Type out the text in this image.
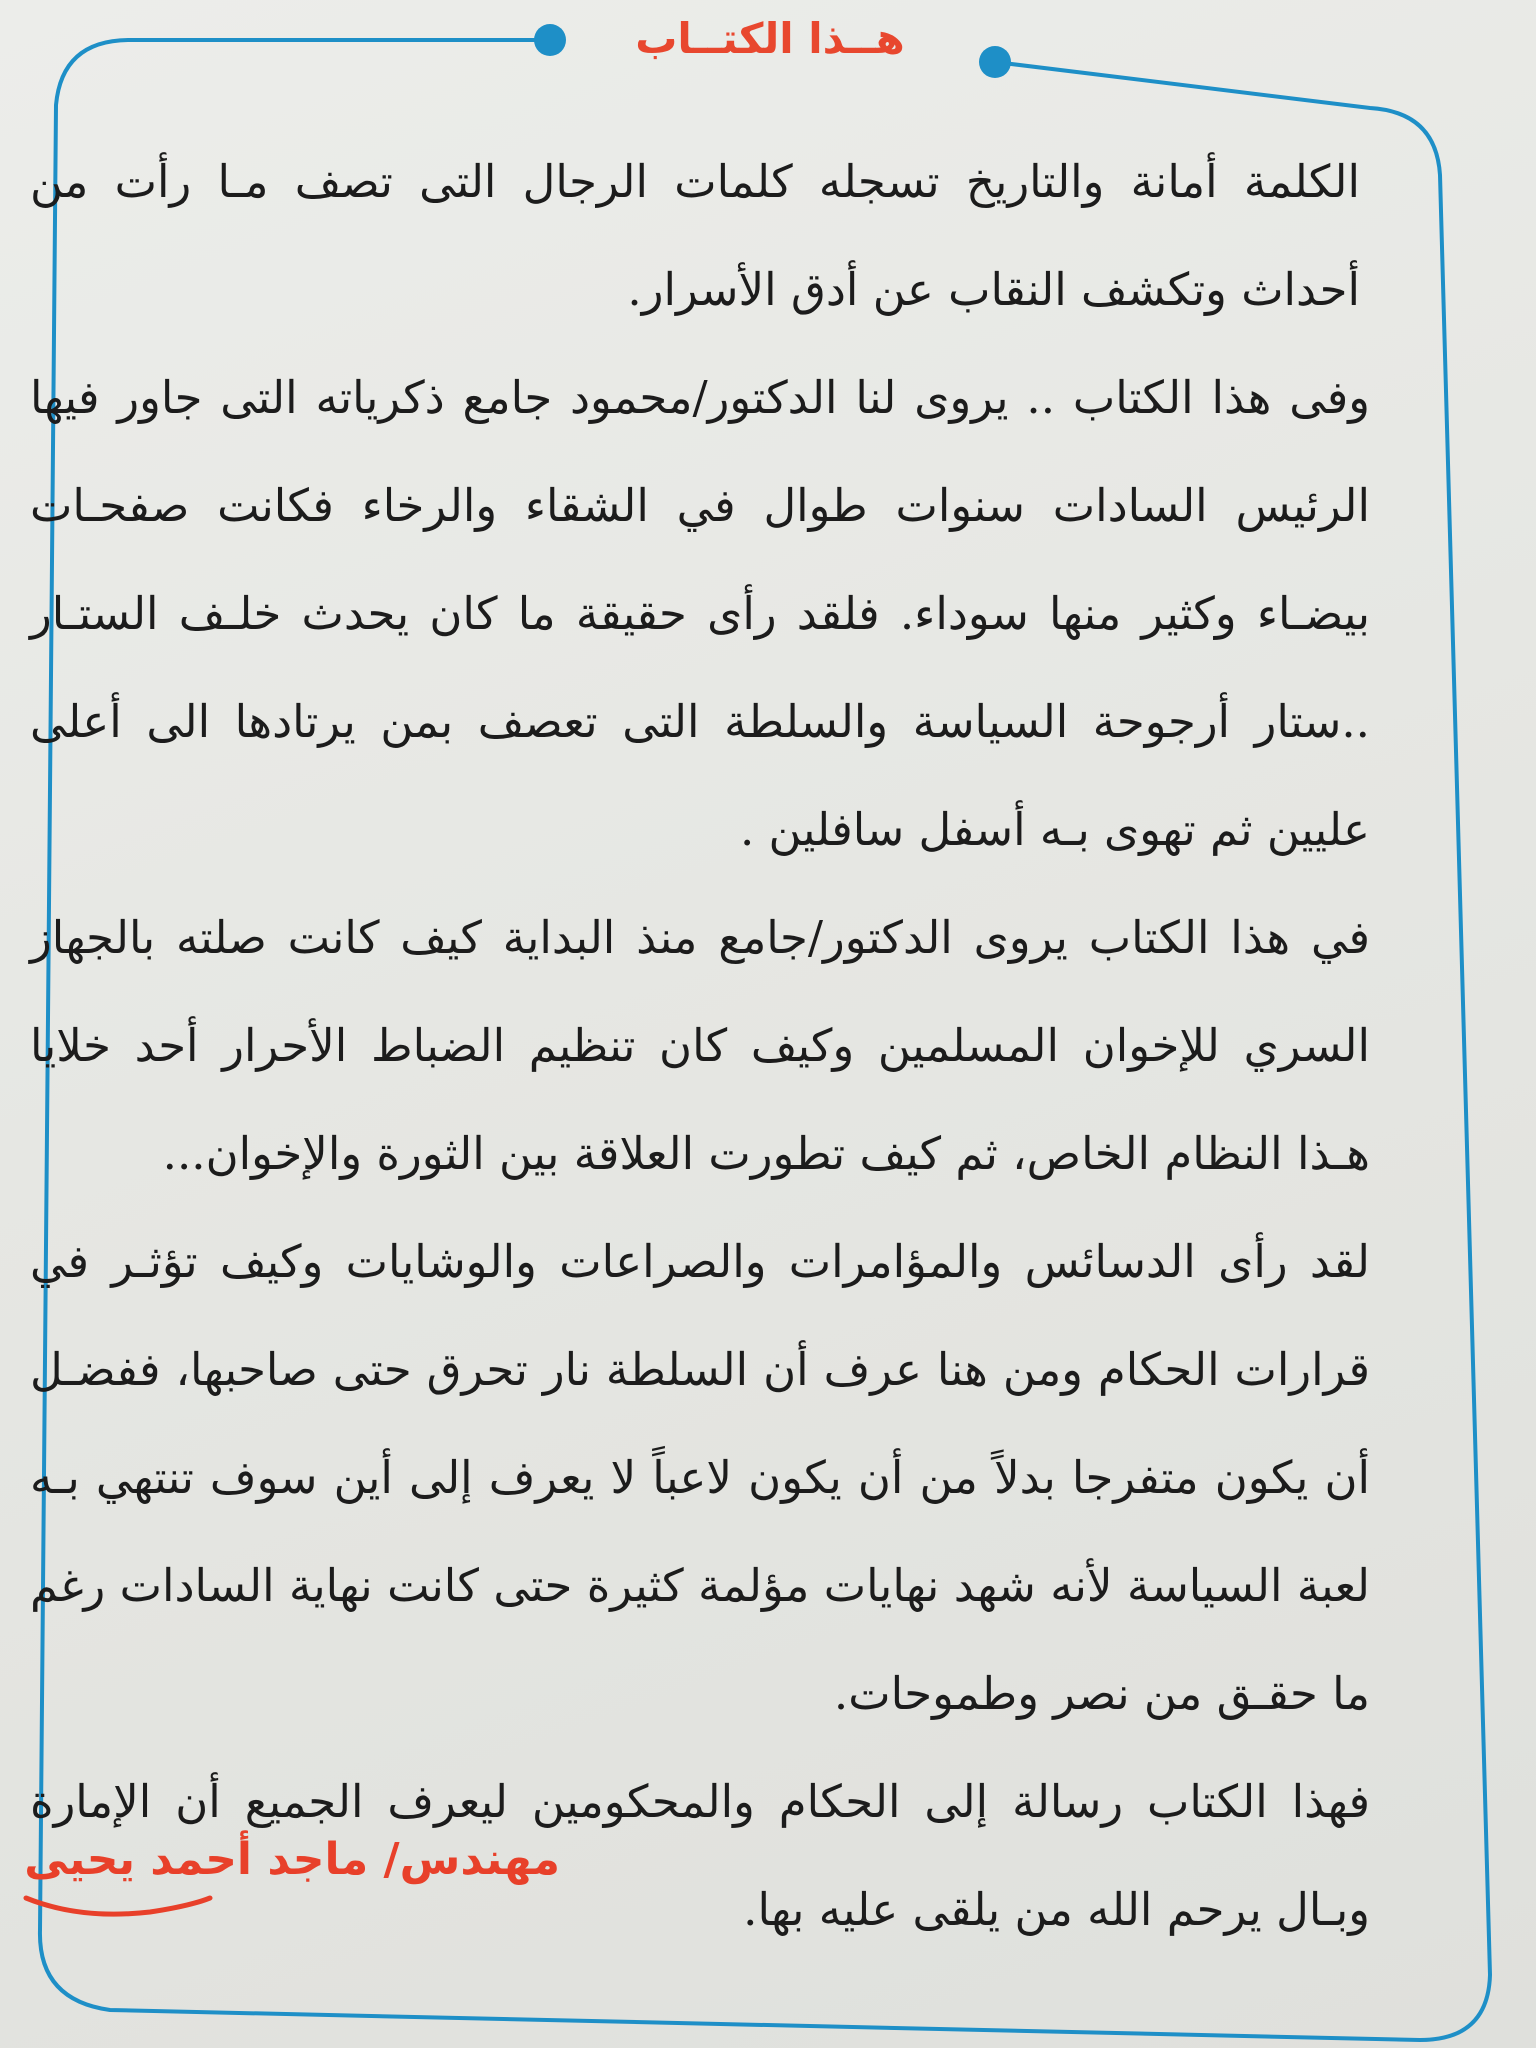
هــذا الكتــاب

الكلمة أمانة والتاريخ تسجله كلمات الرجال التى تصف مـا رأت من أحداث وتكشف النقاب عن أدق الأسرار.

وفى هذا الكتاب .. يروى لنا الدكتور/محمود جامع ذكرياته التى جاور فيها الرئيس السادات سنوات طوال في الشقاء والرخاء فكانت صفحـات بيضـاء وكثير منها سوداء. فلقد رأى حقيقة ما كان يحدث خلـف الستـار ..ستار أرجوحة السياسة والسلطة التى تعصف بمن يرتادها الى أعلى عليين ثم تهوى بـه أسفل سافلين .

في هذا الكتاب يروى الدكتور/جامع منذ البداية كيف كانت صلته بالجهاز السري للإخوان المسلمين وكيف كان تنظيم الضباط الأحرار أحد خلايا هـذا النظام الخاص، ثم كيف تطورت العلاقة بين الثورة والإخوان...

لقد رأى الدسائس والمؤامرات والصراعات والوشايات وكيف تؤثـر في قرارات الحكام ومن هنا عرف أن السلطة نار تحرق حتى صاحبها، ففضـل أن يكون متفرجا بدلاً من أن يكون لاعباً لا يعرف إلى أين سوف تنتهي بـه لعبة السياسة لأنه شهد نهايات مؤلمة كثيرة حتى كانت نهاية السادات رغم ما حقـق من نصر وطموحات.

فهذا الكتاب رسالة إلى الحكام والمحكومين ليعرف الجميع أن الإمارة وبـال يرحم الله من يلقى عليه بها.

مهندس/ ماجد أحمد يحيى
